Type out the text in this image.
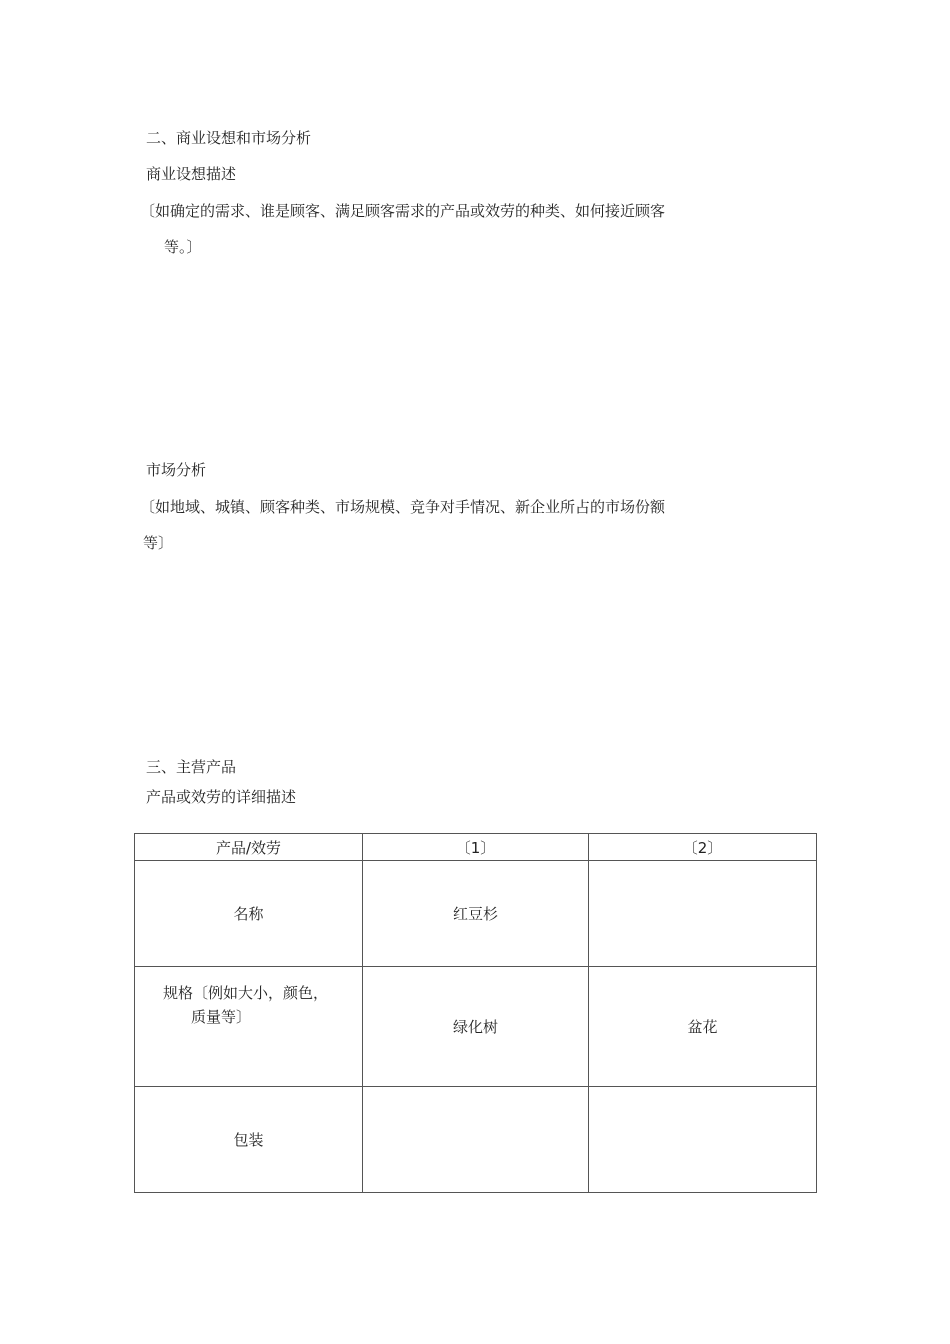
二、商业设想和市场分析
商业设想描述
〔如确定的需求、谁是顾客、满足顾客需求的产品或效劳的种类、如何接近顾客
等。〕
市场分析
〔如地域、城镇、顾客种类、市场规模、竞争对手情况、新企业所占的市场份额
等〕
三、主营产品
产品或效劳的详细描述
产品/效劳	〔1〕	〔2〕
名称	红豆杉	

规格〔例如大小，颜色，
质量等〕	绿化树	盆花
包装		
